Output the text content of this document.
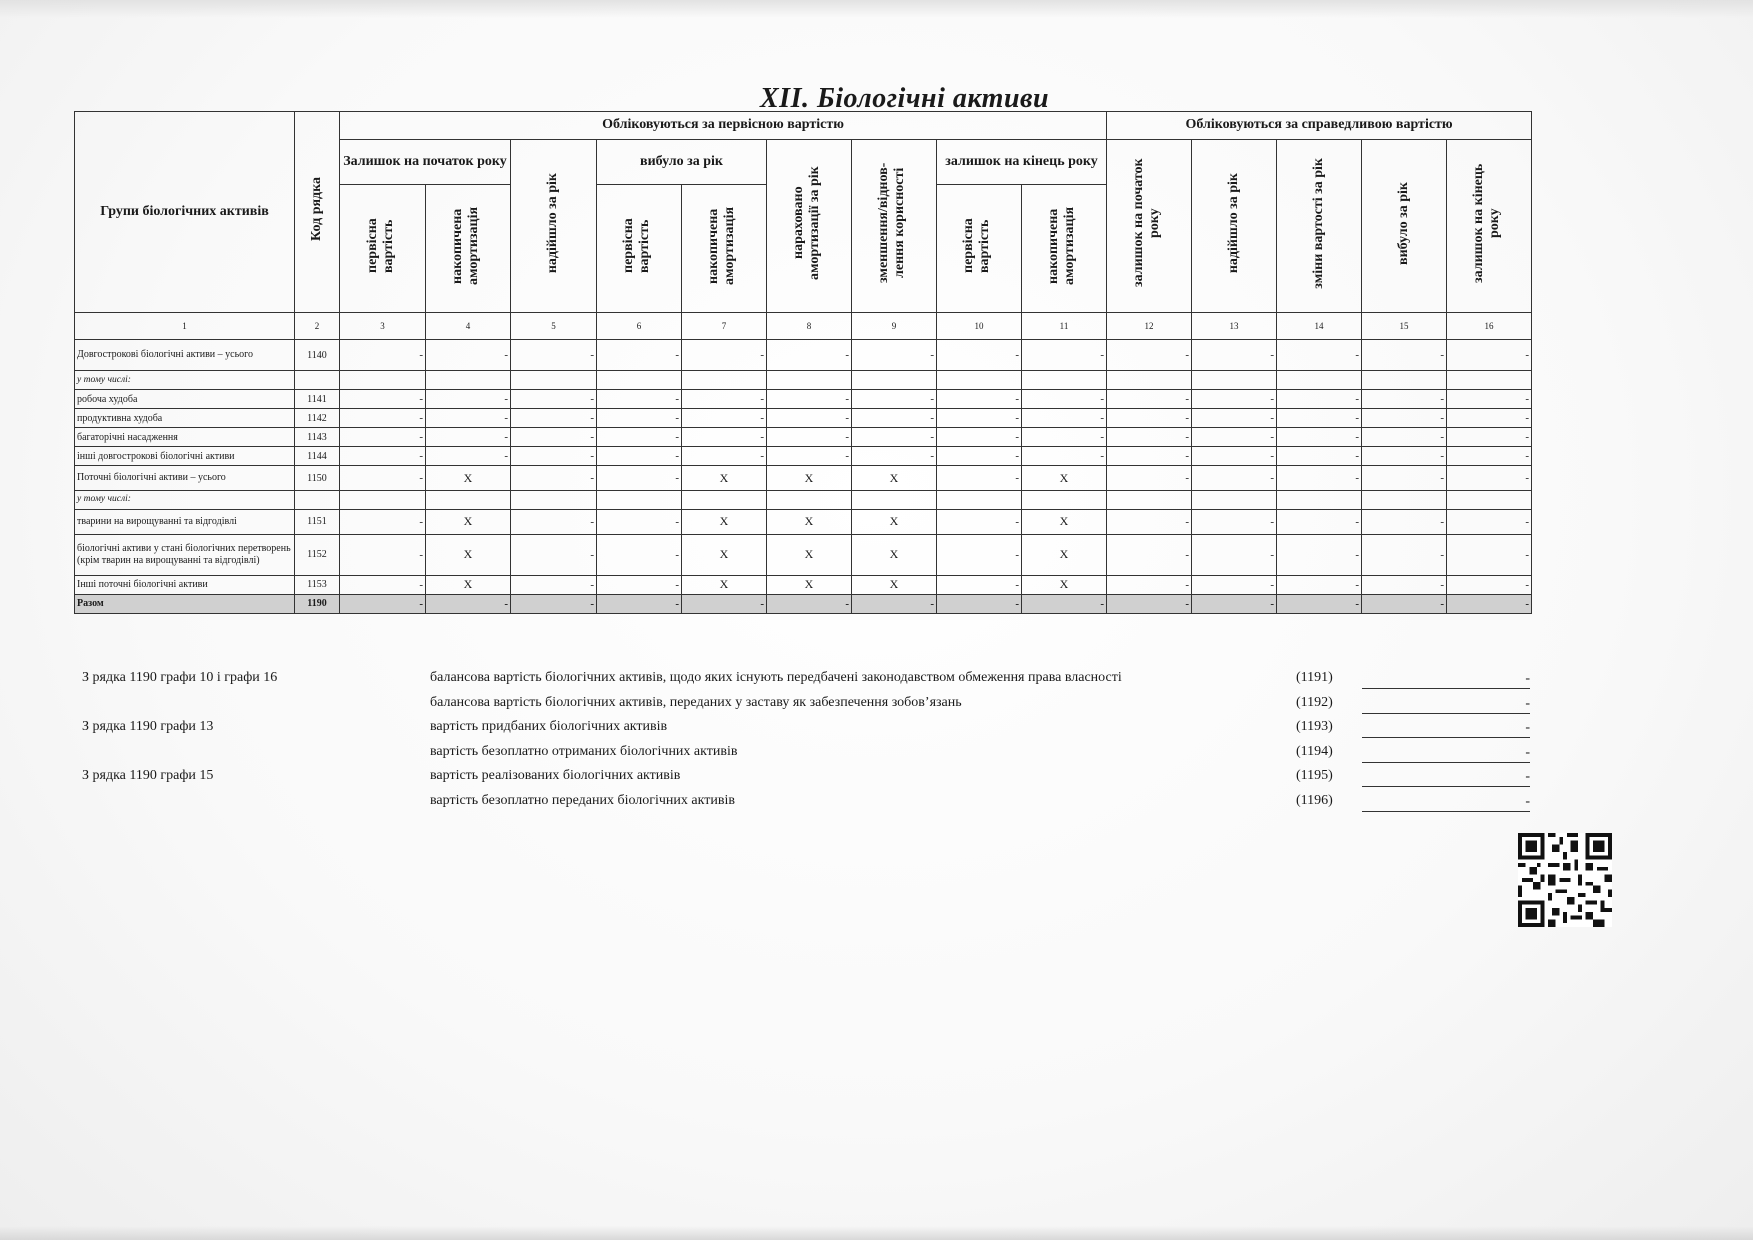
XII. Біологічні активи
Групи біологічних активів	Код рядка	Обліковуються за первісною вартістю									Обліковуються за справедливою вартістю				
		Залишок на початок року		надійшло за рік	вибуло за рік		нараховано амортизації за рік	зменшення/віднов-лення корисності	залишок на кінець року		залишок на початок року	надійшло за рік	зміни вартості за рік	вибуло за рік	залишок на кінець року
		первісна вартість	накопичена амортизація		первісна вартість	накопичена амортизація			первісна вартість	накопичена амортизація					
1	2	3	4	5	6	7	8	9	10	11	12	13	14	15	16
Довгострокові біологічні активи – усього	1140	-	-	-	-	-	-	-	-	-	-	-	-	-	-
у тому числі:															
робоча худоба	1141	-	-	-	-	-	-	-	-	-	-	-	-	-	-
продуктивна худоба	1142	-	-	-	-	-	-	-	-	-	-	-	-	-	-
багаторічні насадження	1143	-	-	-	-	-	-	-	-	-	-	-	-	-	-
інші довгострокові біологічні активи	1144	-	-	-	-	-	-	-	-	-	-	-	-	-	-
Поточні біологічні активи – усього	1150	-	Х	-	-	Х	Х	Х	-	Х	-	-	-	-	-
у тому числі:															
тварини на вирощуванні та відгодівлі	1151	-	Х	-	-	Х	Х	Х	-	Х	-	-	-	-	-
біологічні активи у стані біологічних перетворень (крім тварин на вирощуванні та відгодівлі)	1152	-	Х	-	-	Х	Х	Х	-	Х	-	-	-	-	-
Інші поточні біологічні активи	1153	-	Х	-	-	Х	Х	Х	-	Х	-	-	-	-	-
Разом	1190	-	-	-	-	-	-	-	-	-	-	-	-	-	-
З рядка 1190 графи 10 і графи 16	балансова вартість біологічних активів, щодо яких існують передбачені законодавством обмеження права власності	(1191)	-
балансова вартість біологічних активів, переданих у заставу як забезпечення зобов’язань	(1192)	-
З рядка 1190 графи 13	вартість придбаних біологічних активів	(1193)	-
вартість безоплатно отриманих біологічних активів	(1194)	-
З рядка 1190 графи 15	вартість реалізованих біологічних активів	(1195)	-
вартість безоплатно переданих біологічних активів	(1196)	-
